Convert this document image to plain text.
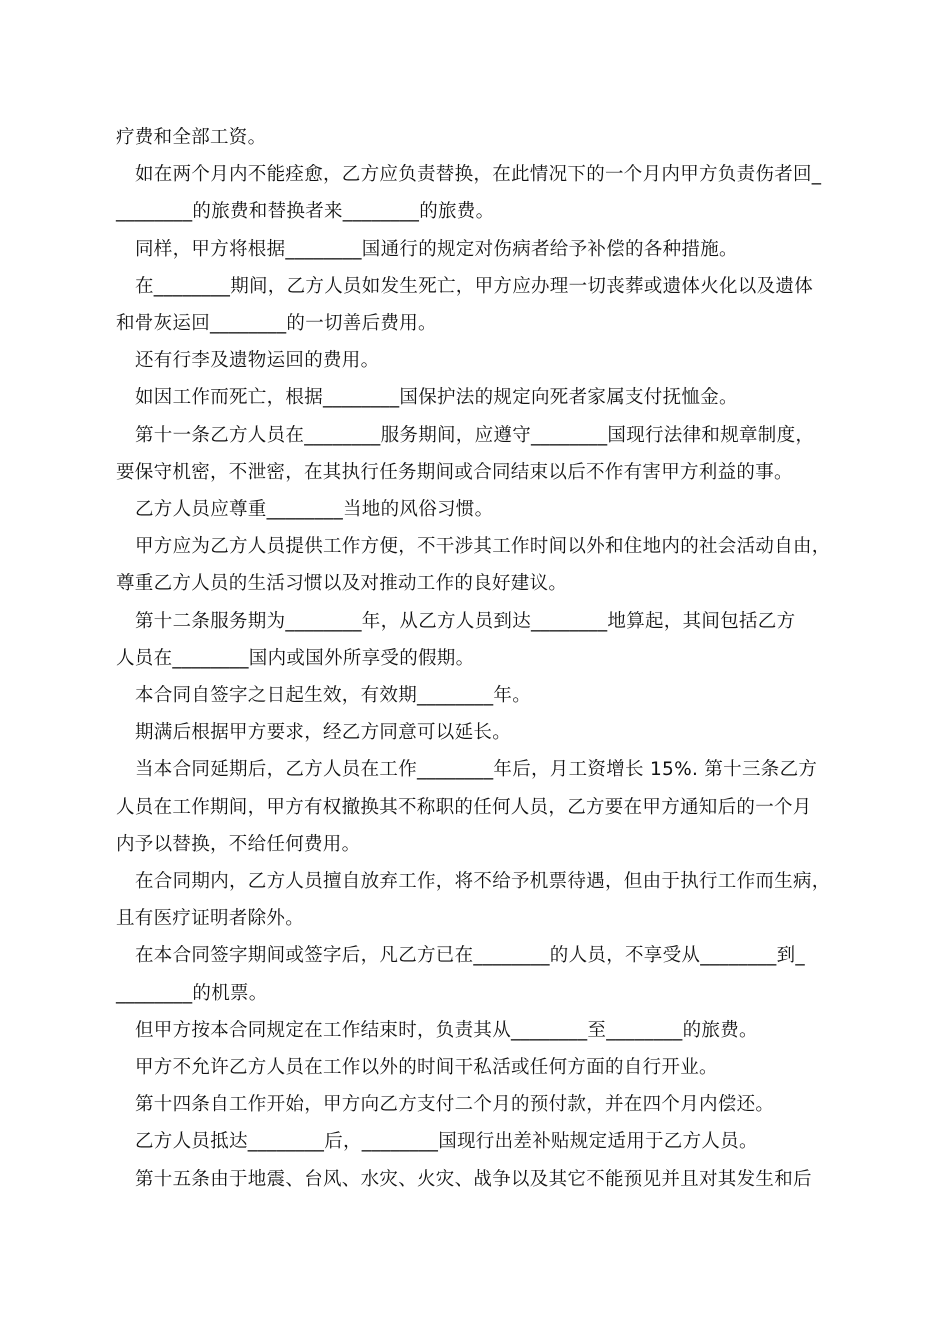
疗费和全部工资。
如在两个月内不能痊愈，乙方应负责替换，在此情况下的一个月内甲方负责伤者回_
________的旅费和替换者来________的旅费。
同样，甲方将根据________国通行的规定对伤病者给予补偿的各种措施。
在________期间，乙方人员如发生死亡，甲方应办理一切丧葬或遗体火化以及遗体
和骨灰运回________的一切善后费用。
还有行李及遗物运回的费用。
如因工作而死亡，根据________国保护法的规定向死者家属支付抚恤金。
第十一条乙方人员在________服务期间，应遵守________国现行法律和规章制度，
要保守机密，不泄密，在其执行任务期间或合同结束以后不作有害甲方利益的事。
乙方人员应尊重________当地的风俗习惯。
甲方应为乙方人员提供工作方便，不干涉其工作时间以外和住地内的社会活动自由，
尊重乙方人员的生活习惯以及对推动工作的良好建议。
第十二条服务期为________年，从乙方人员到达________地算起，其间包括乙方
人员在________国内或国外所享受的假期。
本合同自签字之日起生效，有效期________年。
期满后根据甲方要求，经乙方同意可以延长。
当本合同延期后，乙方人员在工作________年后，月工资增长 15%. 第十三条乙方
人员在工作期间，甲方有权撤换其不称职的任何人员，乙方要在甲方通知后的一个月
内予以替换，不给任何费用。
在合同期内，乙方人员擅自放弃工作，将不给予机票待遇，但由于执行工作而生病，
且有医疗证明者除外。
在本合同签字期间或签字后，凡乙方已在________的人员，不享受从________到_
________的机票。
但甲方按本合同规定在工作结束时，负责其从________至________的旅费。
甲方不允许乙方人员在工作以外的时间干私活或任何方面的自行开业。
第十四条自工作开始，甲方向乙方支付二个月的预付款，并在四个月内偿还。
乙方人员抵达________后，________国现行出差补贴规定适用于乙方人员。
第十五条由于地震、台风、水灾、火灾、战争以及其它不能预见并且对其发生和后
